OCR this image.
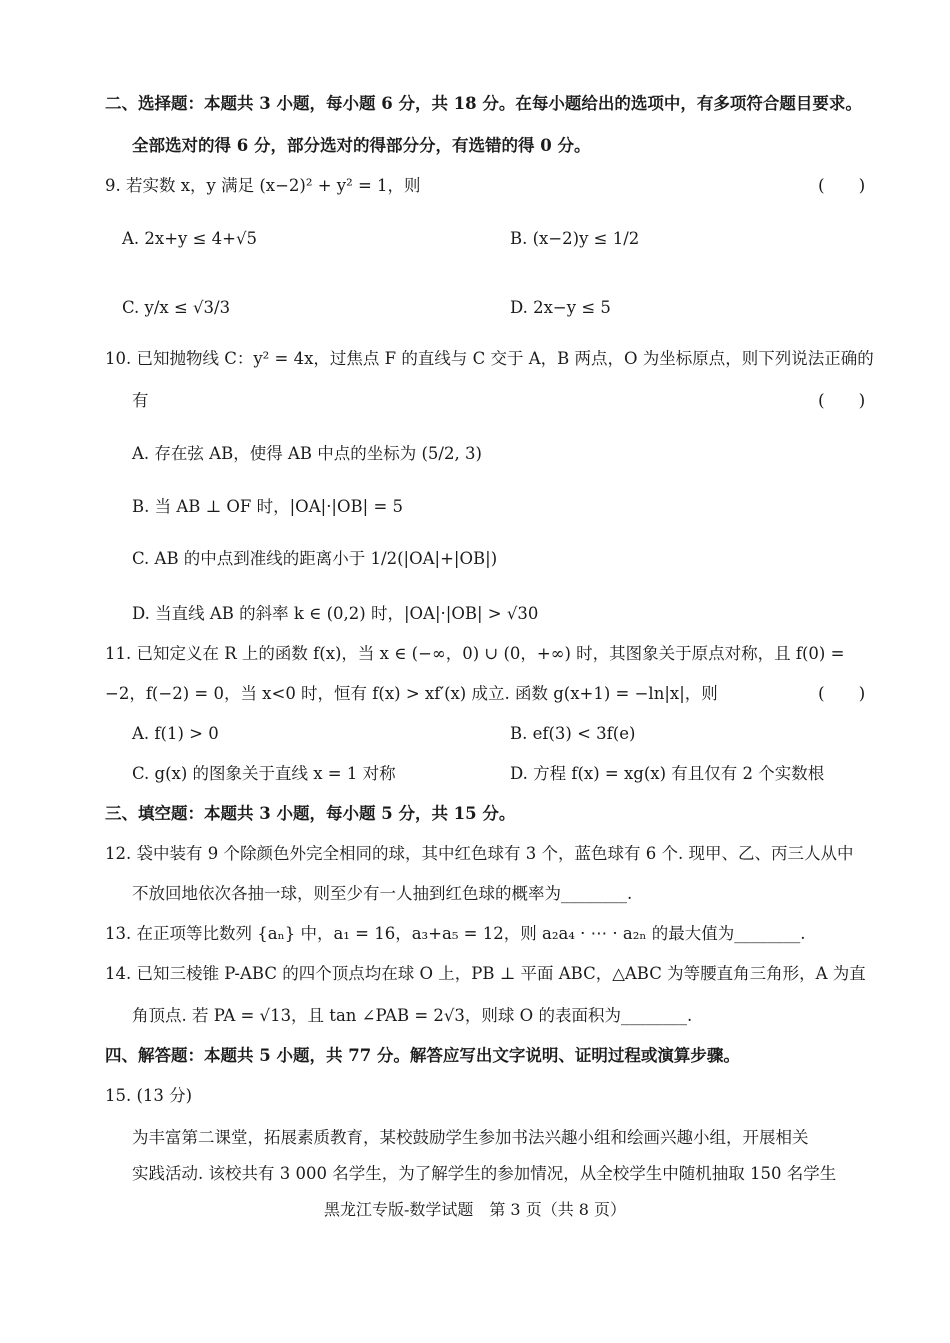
二、选择题：本题共 3 小题，每小题 6 分，共 18 分。在每小题给出的选项中，有多项符合题目要求。
全部选对的得 6 分，部分选对的得部分分，有选错的得 0 分。
9. 若实数 x，y 满足 (x−2)² + y² = 1，则	(　　)
A. 2x+y ≤ 4+√5	B. (x−2)y ≤ 1/2
C. y/x ≤ √3/3	D. 2x−y ≤ 5
10. 已知抛物线 C：y² = 4x，过焦点 F 的直线与 C 交于 A，B 两点，O 为坐标原点，则下列说法正确的
有	(　　)
A. 存在弦 AB，使得 AB 中点的坐标为 (5/2, 3)
B. 当 AB ⊥ OF 时，|OA|·|OB| = 5
C. AB 的中点到准线的距离小于 1/2(|OA|+|OB|)
D. 当直线 AB 的斜率 k ∈ (0,2) 时，|OA|·|OB| > √30
11. 已知定义在 R 上的函数 f(x)，当 x ∈ (−∞，0) ∪ (0，+∞) 时，其图象关于原点对称，且 f(0) =
−2，f(−2) = 0，当 x<0 时，恒有 f(x) > xf′(x) 成立. 函数 g(x+1) = −ln|x|，则	(　　)
A. f(1) > 0	B. ef(3) < 3f(e)
C. g(x) 的图象关于直线 x = 1 对称	D. 方程 f(x) = xg(x) 有且仅有 2 个实数根
三、填空题：本题共 3 小题，每小题 5 分，共 15 分。
12. 袋中装有 9 个除颜色外完全相同的球，其中红色球有 3 个，蓝色球有 6 个. 现甲、乙、丙三人从中
不放回地依次各抽一球，则至少有一人抽到红色球的概率为________.
13. 在正项等比数列 {aₙ} 中，a₁ = 16，a₃+a₅ = 12，则 a₂a₄ · ⋯ · a₂ₙ 的最大值为________.
14. 已知三棱锥 P-ABC 的四个顶点均在球 O 上，PB ⊥ 平面 ABC，△ABC 为等腰直角三角形，A 为直
角顶点. 若 PA = √13，且 tan ∠PAB = 2√3，则球 O 的表面积为________.
四、解答题：本题共 5 小题，共 77 分。解答应写出文字说明、证明过程或演算步骤。
15. (13 分)
为丰富第二课堂，拓展素质教育，某校鼓励学生参加书法兴趣小组和绘画兴趣小组，开展相关
实践活动. 该校共有 3 000 名学生，为了解学生的参加情况，从全校学生中随机抽取 150 名学生
黑龙江专版-数学试题　第 3 页（共 8 页）
